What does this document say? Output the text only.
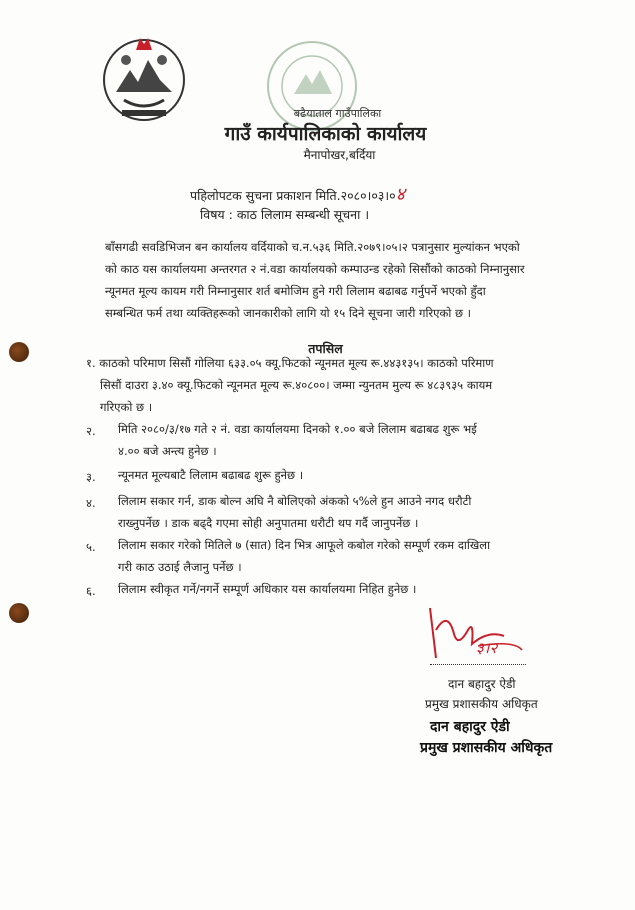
बढैयाताल गाउँपालिका
गाउँ कार्यपालिकाको कार्यालय
मैनापोखर,बर्दिया
पहिलोपटक सुचना प्रकाशन मिति.२०८०।०३।०४
विषय : काठ लिलाम सम्बन्धी सूचना ।
बाँसगढी सवडिभिजन बन कार्यालय वर्दियाको च.न.५३६ मिति.२०७९।०५।२ पत्रानुसार मुल्यांकन भएको
को काठ यस कार्यालयमा अन्तरगत २ नं.वडा कार्यालयको कम्पाउन्ड रहेको सिसौंको काठको निम्नानुसार
न्यूनमत मूल्य कायम गरी निम्नानुसार शर्त बमोजिम हुने गरी लिलाम बढाबढ गर्नुपर्ने भएको हुँदा
सम्बन्धित फर्म तथा व्यक्तिहरूको जानकारीको लागि यो १५ दिने सूचना जारी गरिएको छ ।
तपसिल
१. काठको परिमाण सिसौं गोलिया ६३३.०५ क्यू.फिटको न्यूनमत मूल्य रू.४४३१३५। काठको परिमाण
सिसौं दाउरा ३.४० क्यू.फिटको न्यूनमत मूल्य रू.४०८००। जम्मा न्युनतम मुल्य रू ४८३९३५ कायम
गरिएको छ ।
२. मिति २०८०/३/१७ गते २ नं. वडा कार्यालयमा दिनको १.०० बजे लिलाम बढाबढ शुरू भई
४.०० बजे अन्त्य हुनेछ ।
३. न्यूनमत मूल्यबाटै लिलाम बढाबढ शुरू हुनेछ ।
४. लिलाम सकार गर्न, डाक बोल्न अघि नै बोलिएको अंकको ५%ले हुन आउने नगद धरौटी
राख्नुपर्नेछ । डाक बढ्दै गएमा सोही अनुपातमा धरौटी थप गर्दै जानुपर्नेछ ।
५. लिलाम सकार गरेको मितिले ७ (सात) दिन भित्र आफूले कबोल गरेको सम्पूर्ण रकम दाखिला
गरी काठ उठाई लैजानु पर्नेछ ।
६. लिलाम स्वीकृत गर्ने/नगर्ने सम्पूर्ण अधिकार यस कार्यालयमा निहित हुनेछ ।
३।२
दान बहादुर ऐडी
प्रमुख प्रशासकीय अधिकृत
दान बहादुर ऐडी
प्रमुख प्रशासकीय अधिकृत
